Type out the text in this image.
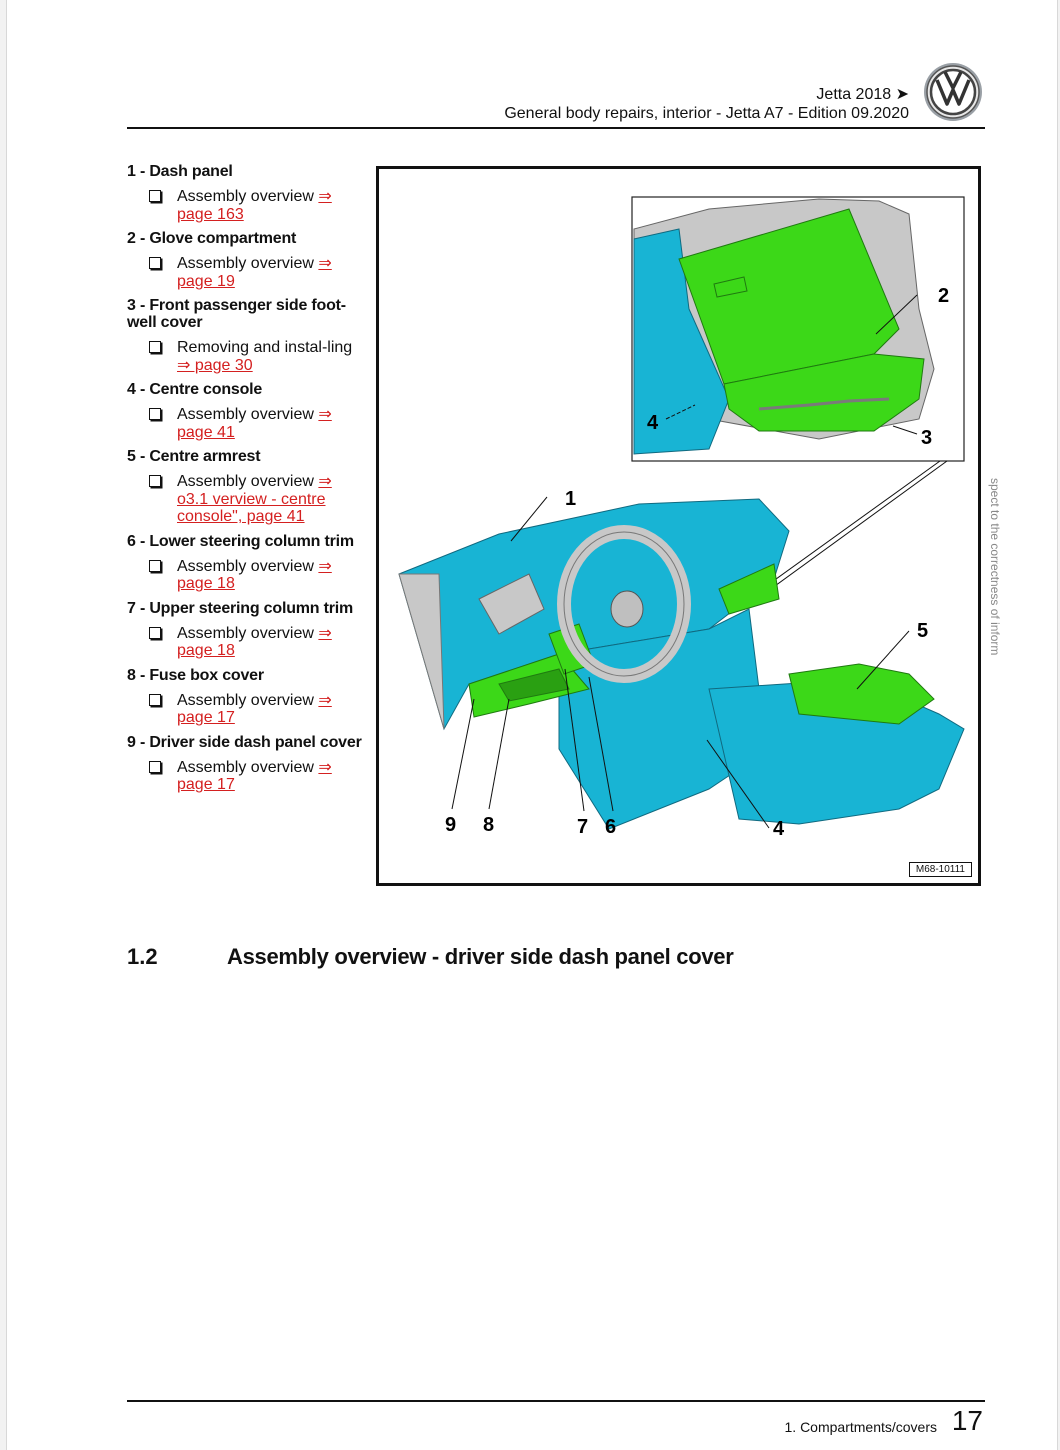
Jetta 2018 ➤
General body repairs, interior - Jetta A7 - Edition 09.2020
1 - Dash panel
Assembly overview ⇒ page 163
2 - Glove compartment
Assembly overview ⇒ page 19
3 - Front passenger side foot-well cover
Removing and instal-ling ⇒ page 30
4 - Centre console
Assembly overview ⇒ page 41
5 - Centre armrest
Assembly overview ⇒ o3.1 verview - centre console", page 41
6 - Lower steering column trim
Assembly overview ⇒ page 18
7 - Upper steering column trim
Assembly overview ⇒ page 18
8 - Fuse box cover
Assembly overview ⇒ page 17
9 - Driver side dash panel cover
Assembly overview ⇒ page 17
2
3
4
1
5
4
6
7
8
9
M68-10111
spect to the correctness of inform
1.2	Assembly overview - driver side dash panel cover
1. Compartments/covers 17
